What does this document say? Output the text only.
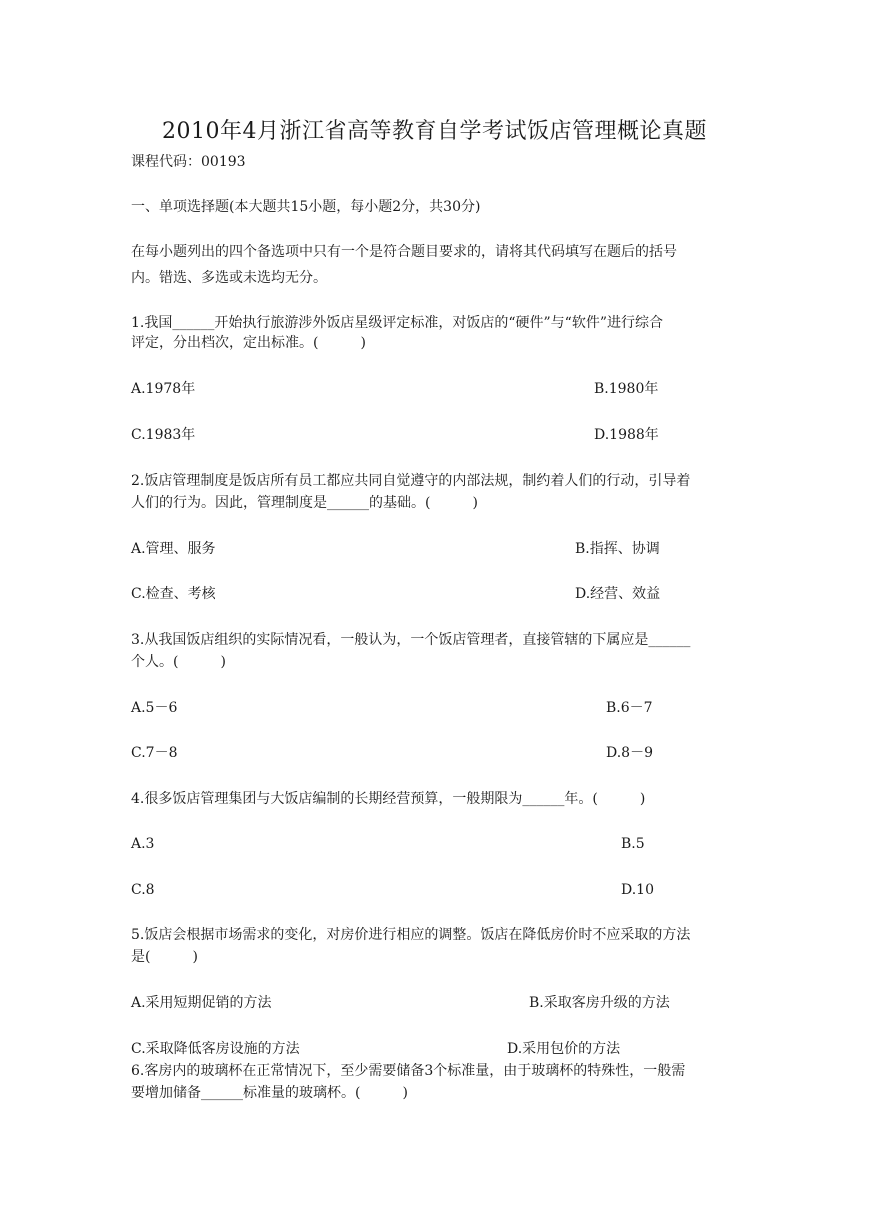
2010年4月浙江省高等教育自学考试饭店管理概论真题
课程代码：00193
一、单项选择题(本大题共15小题，每小题2分，共30分)
在每小题列出的四个备选项中只有一个是符合题目要求的，请将其代码填写在题后的括号
内。错选、多选或未选均无分。
1.我国______开始执行旅游涉外饭店星级评定标准，对饭店的“硬件”与“软件”进行综合
评定，分出档次，定出标准。(　　　)
A.1978年	B.1980年
C.1983年	D.1988年
2.饭店管理制度是饭店所有员工都应共同自觉遵守的内部法规，制约着人们的行动，引导着
人们的行为。因此，管理制度是______的基础。(　　　)
A.管理、服务	B.指挥、协调
C.检查、考核	D.经营、效益
3.从我国饭店组织的实际情况看，一般认为，一个饭店管理者，直接管辖的下属应是______
个人。(　　　)
A.5－6	B.6－7
C.7－8	D.8－9
4.很多饭店管理集团与大饭店编制的长期经营预算，一般期限为______年。(　　　)
A.3	B.5
C.8	D.10
5.饭店会根据市场需求的变化，对房价进行相应的调整。饭店在降低房价时不应采取的方法
是(　　　)
A.采用短期促销的方法	B.采取客房升级的方法
C.采取降低客房设施的方法	D.采用包价的方法
6.客房内的玻璃杯在正常情况下，至少需要储备3个标准量，由于玻璃杯的特殊性，一般需
要增加储备______标准量的玻璃杯。(　　　)
